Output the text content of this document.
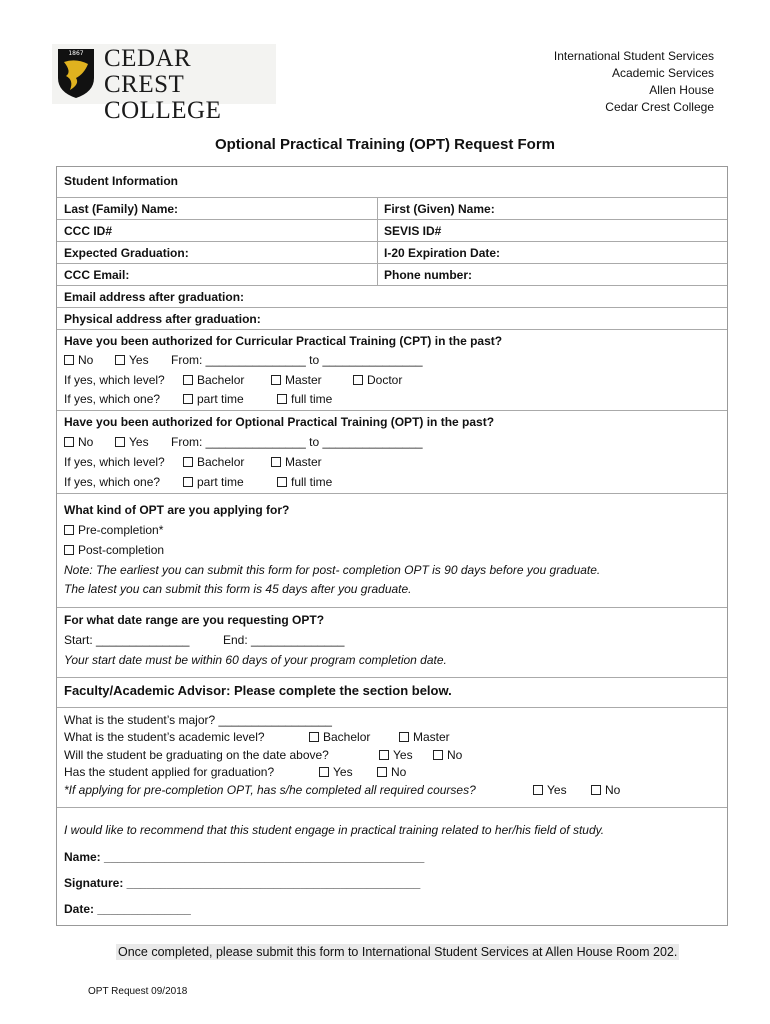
1867 CEDAR CREST
COLLEGE
International Student Services
Academic Services
Allen House
Cedar Crest College
Optional Practical Training (OPT) Request Form
Student Information
Last (Family) Name:	First (Given) Name:
CCC ID#	SEVIS ID#
Expected Graduation:	I-20 Expiration Date:
CCC Email:	Phone number:
Email address after graduation:
Physical address after graduation:
Have you been authorized for Curricular Practical Training (CPT) in the past?
No	Yes From: _______________ to _______________
If yes, which level?	Bachelor	Master	Doctor
If yes, which one?	part time	full time
Have you been authorized for Optional Practical Training (OPT) in the past?
No	Yes From: _______________ to _______________
If yes, which level?	Bachelor	Master
If yes, which one?	part time	full time
What kind of OPT are you applying for?
Pre-completion*
Post-completion
Note: The earliest you can submit this form for post- completion OPT is 90 days before you graduate.
The latest you can submit this form is 45 days after you graduate.
For what date range are you requesting OPT?
Start: ______________	End: ______________
Your start date must be within 60 days of your program completion date.
Faculty/Academic Advisor: Please complete the section below.
What is the student’s major? _________________
What is the student’s academic level?	Bachelor	Master
Will the student be graduating on the date above?	Yes	No
Has the student applied for graduation?	Yes	No
*If applying for pre-completion OPT, has s/he completed all required courses?	Yes	No
I would like to recommend that this student engage in practical training related to her/his field of study.
Name: ________________________________________________
Signature: ____________________________________________
Date: ______________
Once completed, please submit this form to International Student Services at Allen House Room 202.
OPT Request 09/2018
